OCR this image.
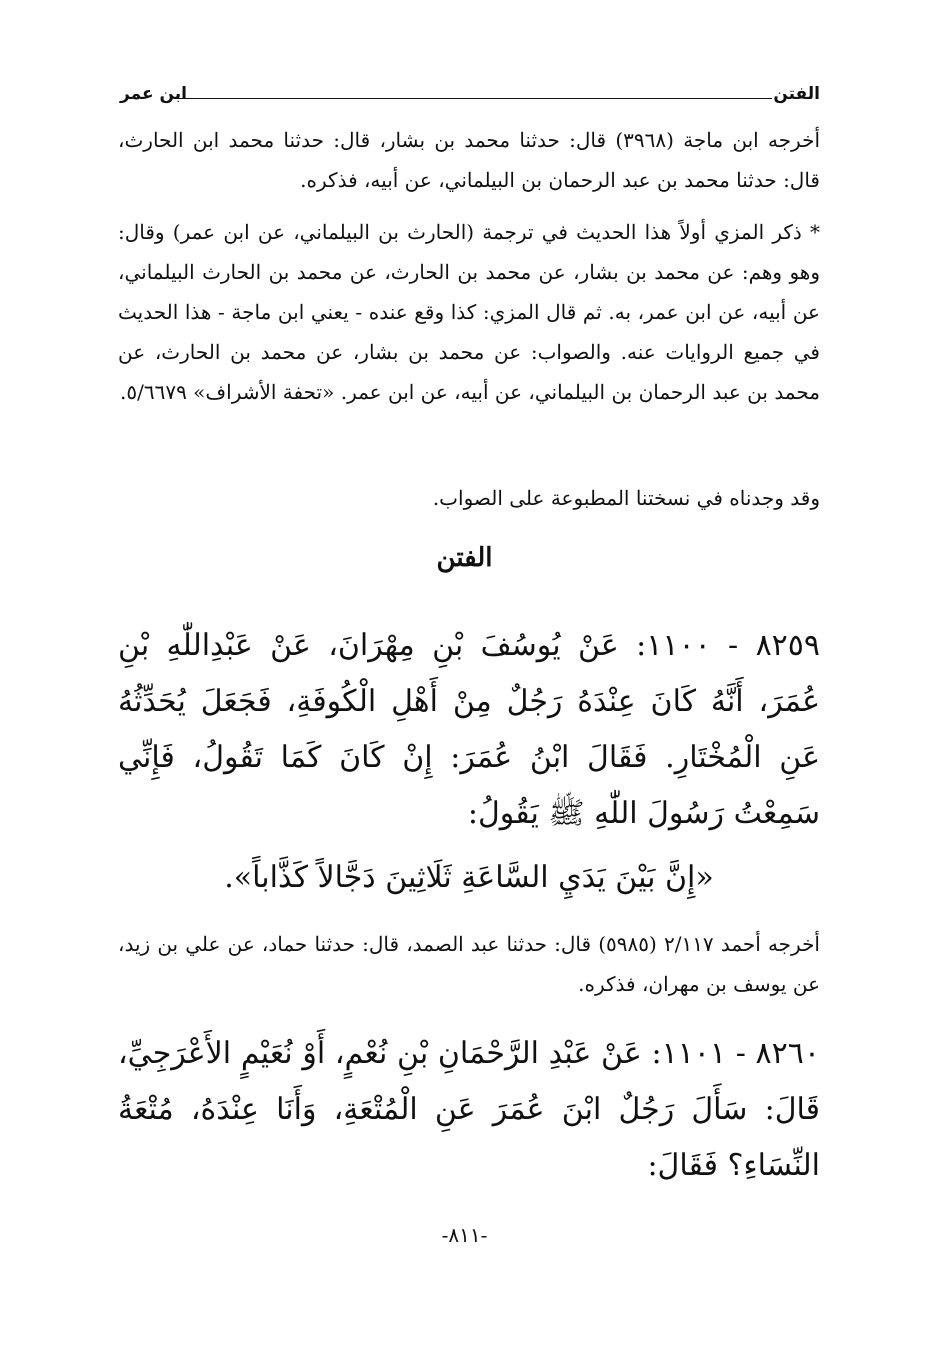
الفتن
ابن عمر

أخرجه ابن ماجة (٣٩٦٨) قال: حدثنا محمد بن بشار، قال: حدثنا محمد ابن الحارث، قال: حدثنا محمد بن عبد الرحمان بن البيلماني، عن أبيه، فذكره.

* ذكر المزي أولاً هذا الحديث في ترجمة (الحارث بن البيلماني، عن ابن عمر) وقال: وهو وهم: عن محمد بن بشار، عن محمد بن الحارث، عن محمد بن الحارث البيلماني، عن أبيه، عن ابن عمر، به. ثم قال المزي: كذا وقع عنده - يعني ابن ماجة - هذا الحديث في جميع الروايات عنه. والصواب: عن محمد بن بشار، عن محمد بن الحارث، عن محمد بن عبد الرحمان بن البيلماني، عن أبيه، عن ابن عمر. «تحفة الأشراف» ٥/٦٦٧٩.

وقد وجدناه في نسختنا المطبوعة على الصواب.

الفتن

٨٢٥٩ - ١١٠٠: عَنْ يُوسُفَ بْنِ مِهْرَانَ، عَنْ عَبْدِاللّٰهِ بْنِ عُمَرَ، أَنَّهُ كَانَ عِنْدَهُ رَجُلٌ مِنْ أَهْلِ الْكُوفَةِ، فَجَعَلَ يُحَدِّثُهُ عَنِ الْمُخْتَارِ. فَقَالَ ابْنُ عُمَرَ: إِنْ كَانَ كَمَا تَقُولُ، فَإِنِّي سَمِعْتُ رَسُولَ اللّٰهِ ﷺ يَقُولُ:

«إِنَّ بَيْنَ يَدَيِ السَّاعَةِ ثَلَاثِينَ دَجَّالاً كَذَّاباً».

أخرجه أحمد ٢/١١٧ (٥٩٨٥) قال: حدثنا عبد الصمد، قال: حدثنا حماد، عن علي بن زيد، عن يوسف بن مهران، فذكره.

٨٢٦٠ - ١١٠١: عَنْ عَبْدِ الرَّحْمَانِ بْنِ نُعْمٍ، أَوْ نُعَيْمٍ الأَعْرَجِيِّ، قَالَ: سَأَلَ رَجُلٌ ابْنَ عُمَرَ عَنِ الْمُتْعَةِ، وَأَنَا عِنْدَهُ، مُتْعَةُ النِّسَاءِ؟ فَقَالَ:

-٨١١-
